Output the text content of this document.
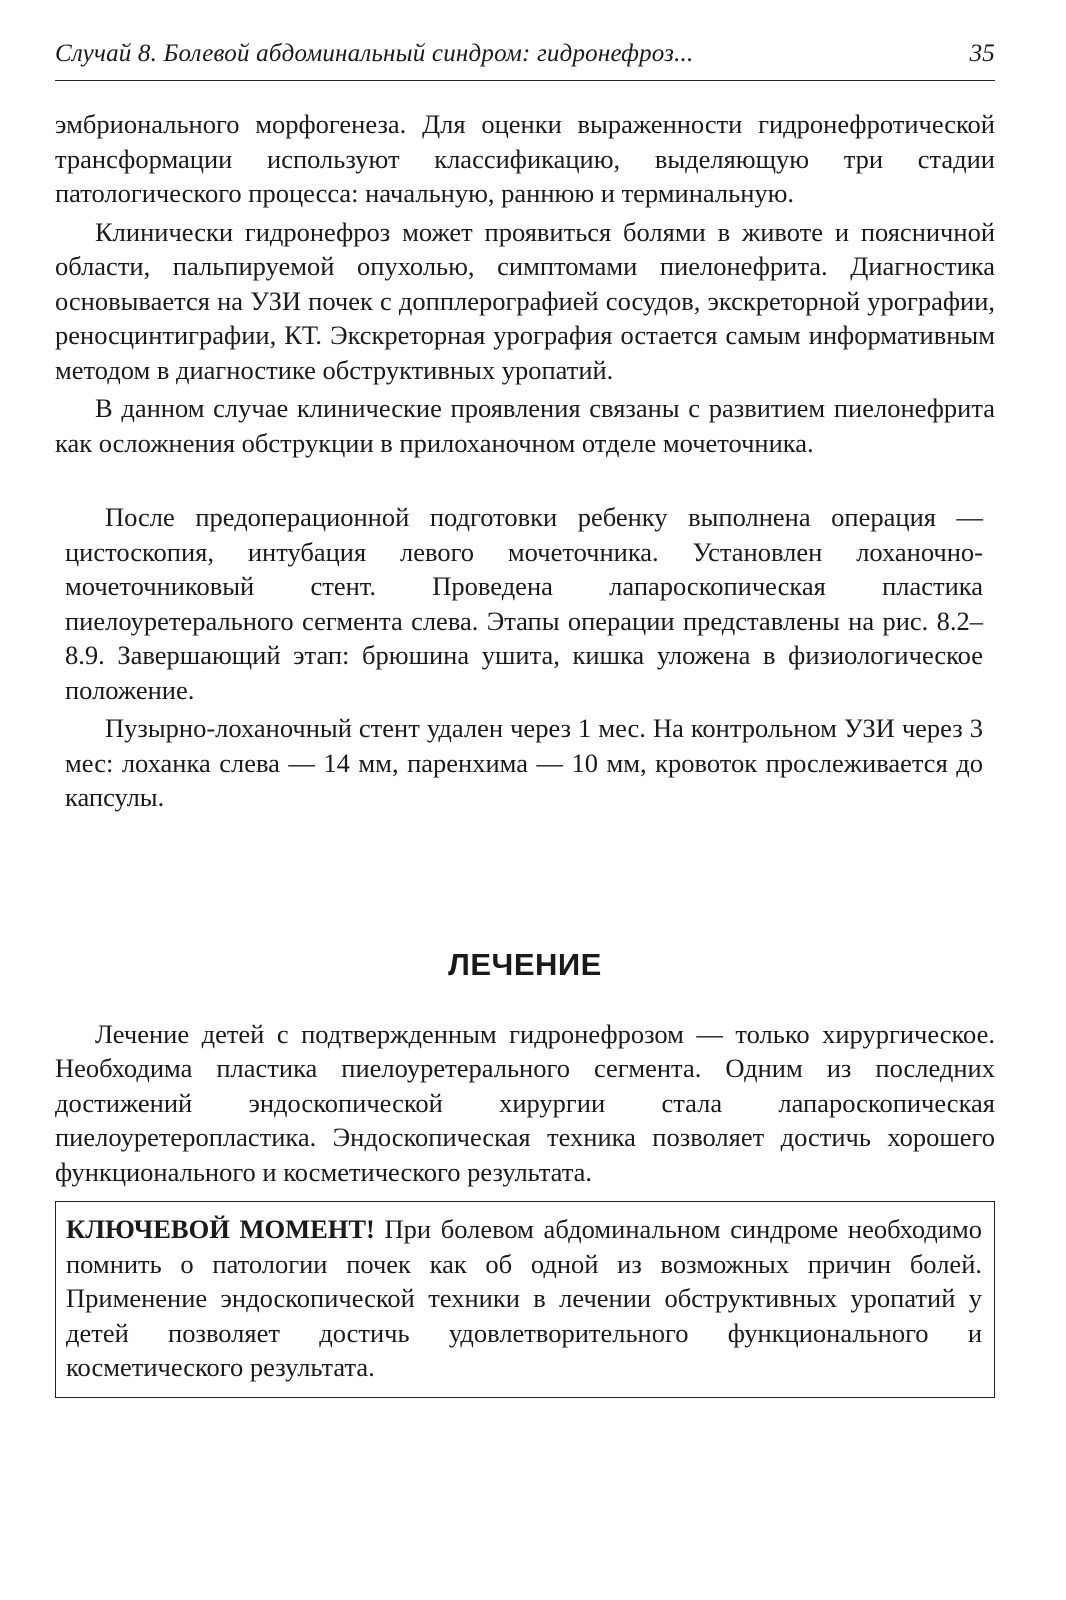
Случай 8. Болевой абдоминальный синдром: гидронефроз...	35

эмбрионального морфогенеза. Для оценки выраженности гидронефротической трансформации используют классификацию, выделяющую три стадии патологического процесса: начальную, раннюю и терминальную.

Клинически гидронефроз может проявиться болями в животе и поясничной области, пальпируемой опухолью, симптомами пиелонефрита. Диагностика основывается на УЗИ почек с допплерографией сосудов, экскреторной урографии, реносцинтиграфии, КТ. Экскреторная урография остается самым информативным методом в диагностике обструктивных уропатий.

В данном случае клинические проявления связаны с развитием пиелонефрита как осложнения обструкции в прилоханочном отделе мочеточника.

После предоперационной подготовки ребенку выполнена операция — цистоскопия, интубация левого мочеточника. Установлен лоханочно-мочеточниковый стент. Проведена лапароскопическая пластика пиелоуретерального сегмента слева. Этапы операции представлены на рис. 8.2–8.9. Завершающий этап: брюшина ушита, кишка уложена в физиологическое положение.

Пузырно-лоханочный стент удален через 1 мес. На контрольном УЗИ через 3 мес: лоханка слева — 14 мм, паренхима — 10 мм, кровоток прослеживается до капсулы.

ЛЕЧЕНИЕ

Лечение детей с подтвержденным гидронефрозом — только хирургическое. Необходима пластика пиелоуретерального сегмента. Одним из последних достижений эндоскопической хирургии стала лапароскопическая пиелоуретеропластика. Эндоскопическая техника позволяет достичь хорошего функционального и косметического результата.

КЛЮЧЕВОЙ МОМЕНТ! При болевом абдоминальном синдроме необходимо помнить о патологии почек как об одной из возможных причин болей. Применение эндоскопической техники в лечении обструктивных уропатий у детей позволяет достичь удовлетворительного функционального и косметического результата.
